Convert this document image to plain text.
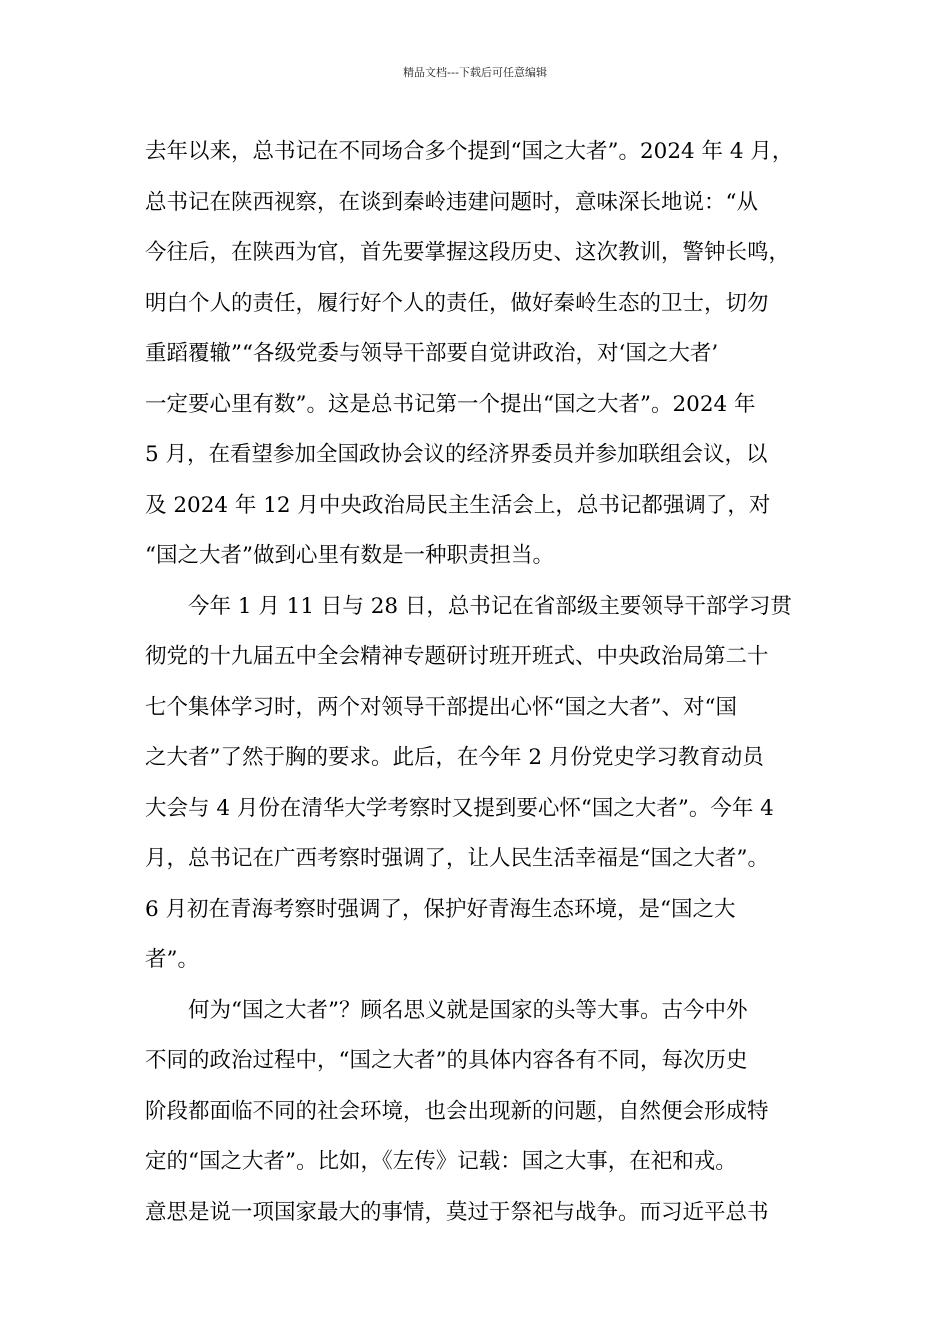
精品文档---下载后可任意编辑
去年以来，总书记在不同场合多个提到“国之大者”。2024 年 4 月，
总书记在陕西视察，在谈到秦岭违建问题时，意味深长地说：“从
今往后，在陕西为官，首先要掌握这段历史、这次教训，警钟长鸣，
明白个人的责任，履行好个人的责任，做好秦岭生态的卫士，切勿
重蹈覆辙”“各级党委与领导干部要自觉讲政治，对‘国之大者’
一定要心里有数”。这是总书记第一个提出“国之大者”。2024 年
5 月，在看望参加全国政协会议的经济界委员并参加联组会议，以
及 2024 年 12 月中央政治局民主生活会上，总书记都强调了，对
“国之大者”做到心里有数是一种职责担当。
　　今年 1 月 11 日与 28 日，总书记在省部级主要领导干部学习贯
彻党的十九届五中全会精神专题研讨班开班式、中央政治局第二十
七个集体学习时，两个对领导干部提出心怀“国之大者”、对“国
之大者”了然于胸的要求。此后，在今年 2 月份党史学习教育动员
大会与 4 月份在清华大学考察时又提到要心怀“国之大者”。今年 4
月，总书记在广西考察时强调了，让人民生活幸福是“国之大者”。
6 月初在青海考察时强调了，保护好青海生态环境，是“国之大
者”。
　　何为“国之大者”？顾名思义就是国家的头等大事。古今中外
不同的政治过程中，“国之大者”的具体内容各有不同，每次历史
阶段都面临不同的社会环境，也会出现新的问题，自然便会形成特
定的“国之大者”。比如，《左传》记载：国之大事，在祀和戎。
意思是说一项国家最大的事情，莫过于祭祀与战争。而习近平总书
